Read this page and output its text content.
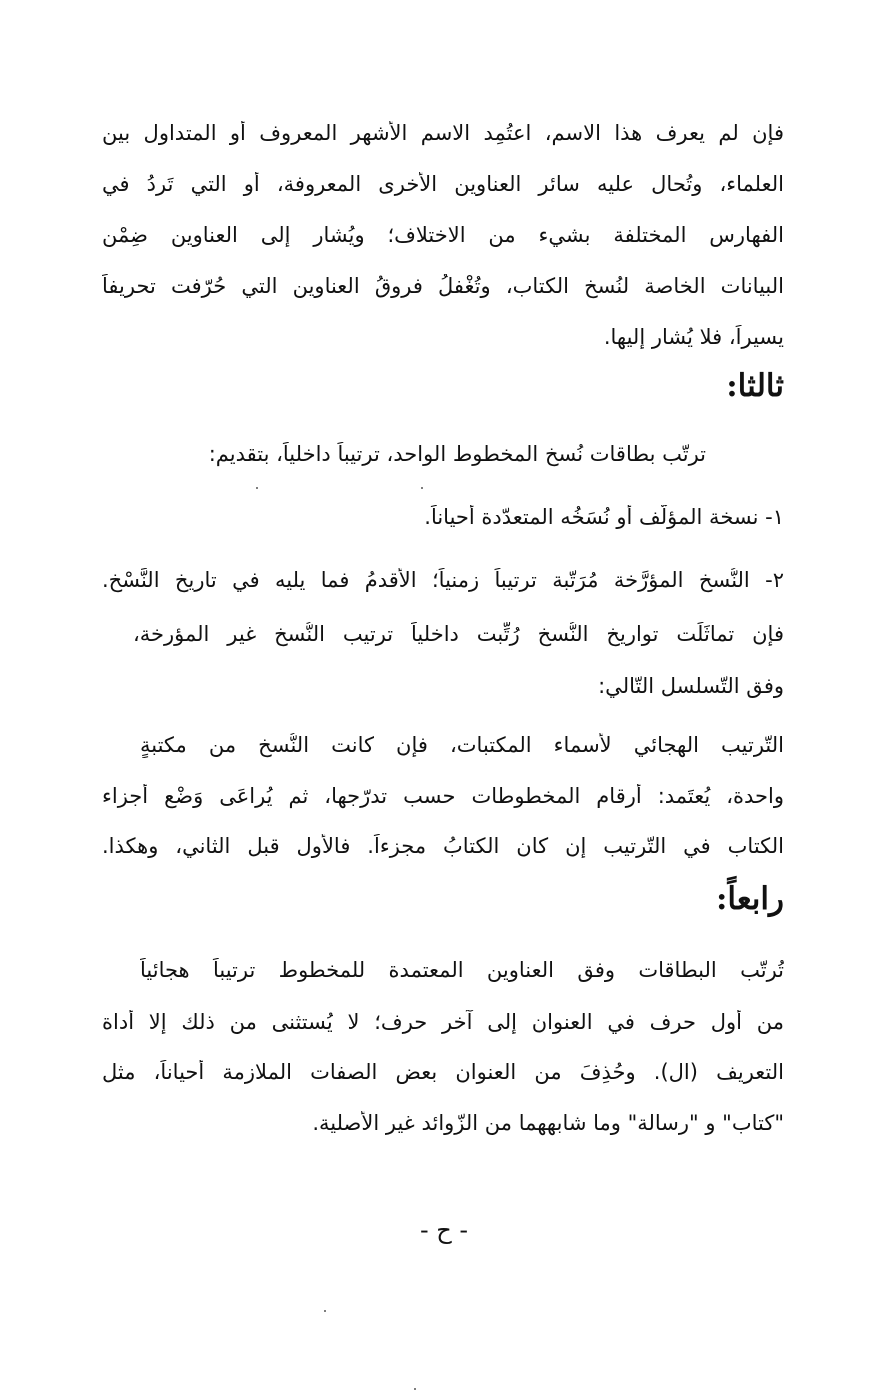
فإن لم يعرف هذا الاسم، اعتُمِد الاسم الأشهر المعروف أو المتداول بين
العلماء، وتُحال عليه سائر العناوين الأخرى المعروفة، أو التي تَردُ في
الفهارس المختلفة بشيء من الاختلاف؛ ويُشار إلى العناوين ضِمْن
البيانات الخاصة لنُسخ الكتاب، وتُغْفلُ فروقُ العناوين التي حُرّفت تحريفاً
يسيراً، فلا يُشار إليها.
ثالثا:
ترتّب بطاقات نُسخ المخطوط الواحد، ترتيباً داخلياً، بتقديم:
١- نسخة المؤلّف أو نُسَخُه المتعدّدة أحياناً.
٢- النُّسخ المؤرَّخة مُرَتّبة ترتيباً زمنياً؛ الأقدمُ فما يليه في تاريخ النَّسْخ.
فإن تماثَلَت تواريخ النُّسخ رُتِّبت داخلياً ترتيب النُّسخ غير المؤرخة،
وفق التّسلسل التّالي:
التّرتيب الهجائي لأسماء المكتبات، فإن كانت النُّسخ من مكتبةٍ
واحدة، يُعتَمد: أرقام المخطوطات حسب تدرّجها، ثم يُراعَى وَضْع أجزاء
الكتاب في التّرتيب إن كان الكتابُ مجزءاً. فالأول قبل الثاني، وهكذا.
رابعاً:
تُرتّب البطاقات وفق العناوين المعتمدة للمخطوط ترتيباً هجائياً
من أول حرف في العنوان إلى آخر حرف؛ لا يُستثنى من ذلك إلا أداة
التعريف (ال). وحُذِفَ من العنوان بعض الصفات الملازمة أحياناً، مثل
"كتاب" و "رسالة" وما شابههما من الزّوائد غير الأصلية.
- ح -
